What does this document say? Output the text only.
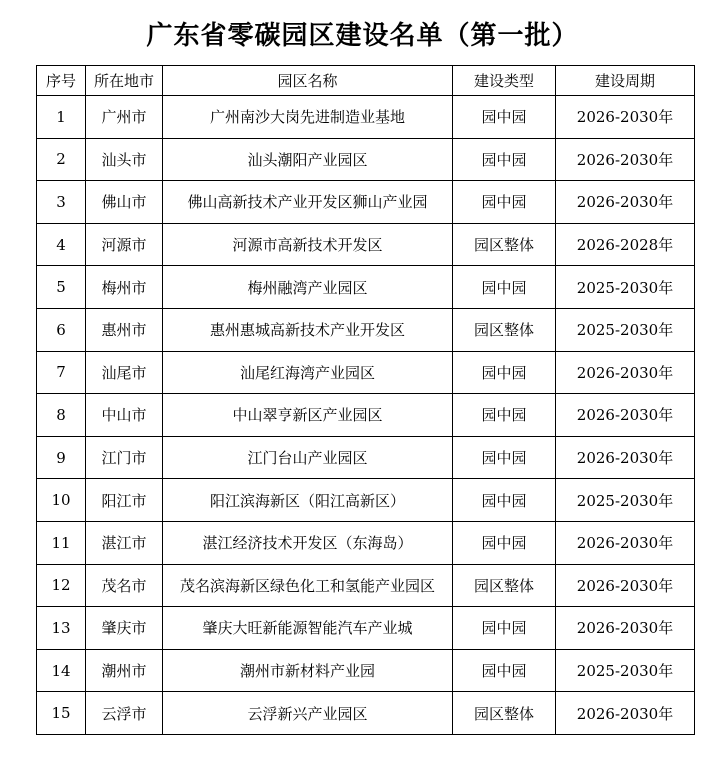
广东省零碳园区建设名单（第一批）
序号	所在地市	园区名称	建设类型	建设周期
1	广州市	广州南沙大岗先进制造业基地	园中园	2026-2030年
2	汕头市	汕头潮阳产业园区	园中园	2026-2030年
3	佛山市	佛山高新技术产业开发区狮山产业园	园中园	2026-2030年
4	河源市	河源市高新技术开发区	园区整体	2026-2028年
5	梅州市	梅州融湾产业园区	园中园	2025-2030年
6	惠州市	惠州惠城高新技术产业开发区	园区整体	2025-2030年
7	汕尾市	汕尾红海湾产业园区	园中园	2026-2030年
8	中山市	中山翠亨新区产业园区	园中园	2026-2030年
9	江门市	江门台山产业园区	园中园	2026-2030年
10	阳江市	阳江滨海新区（阳江高新区）	园中园	2025-2030年
11	湛江市	湛江经济技术开发区（东海岛）	园中园	2026-2030年
12	茂名市	茂名滨海新区绿色化工和氢能产业园区	园区整体	2026-2030年
13	肇庆市	肇庆大旺新能源智能汽车产业城	园中园	2026-2030年
14	潮州市	潮州市新材料产业园	园中园	2025-2030年
15	云浮市	云浮新兴产业园区	园区整体	2026-2030年
